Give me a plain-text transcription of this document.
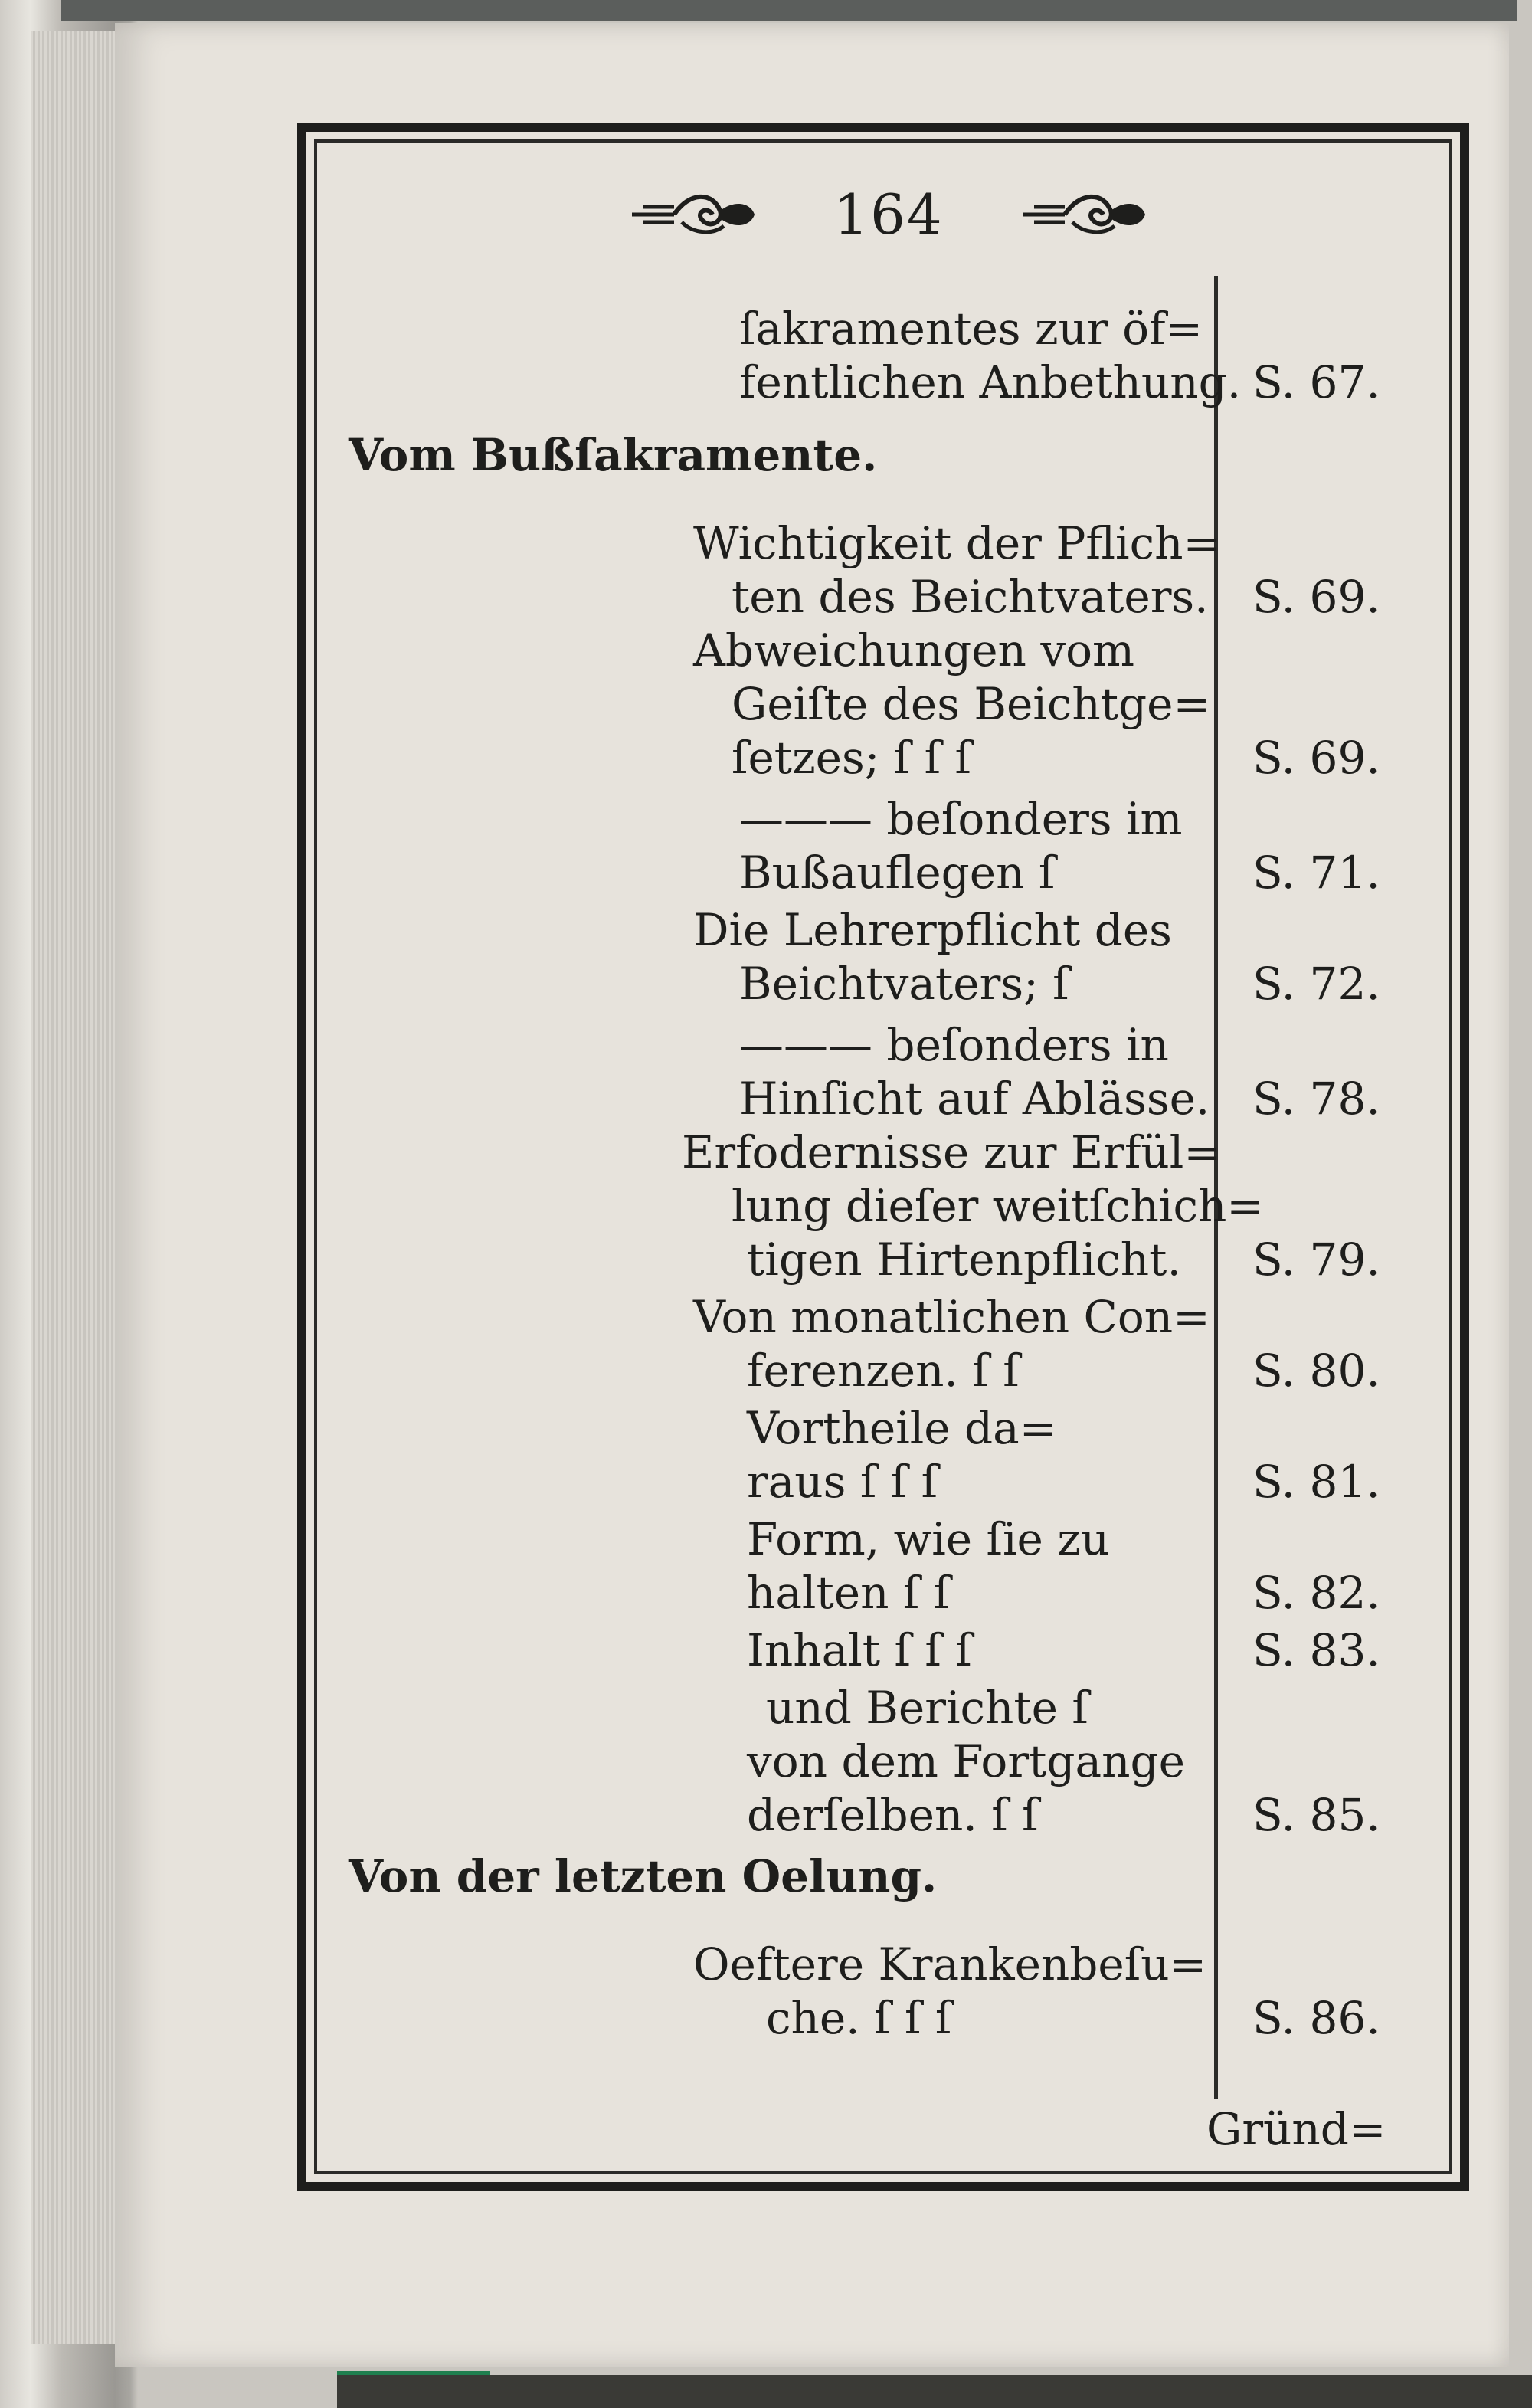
164
ſakramentes zur öf=
fentlichen Anbethung. S. 67.
Vom Bußſakramente.
Wichtigkeit der Pflich=
ten des Beichtvaters. S. 69.
Abweichungen vom
Geiſte des Beichtge=
ſetzes; ſ ſ ſ	S. 69.
——— beſonders im
Bußauflegen ſ	S. 71.
Die Lehrerpflicht des
Beichtvaters; ſ	S. 72.
——— beſonders in
Hinſicht auf Ablässe. S. 78.
Erfodernisse zur Erfül=
lung dieſer weitſchich=
tigen Hirtenpflicht. S. 79.
Von monatlichen Con=
ferenzen. ſ ſ	S. 80.
Vortheile da=
raus ſ ſ ſ	S. 81.
Form, wie ſie zu
halten ſ ſ	S. 82.
Inhalt ſ ſ ſ	S. 83.
und Berichte ſ
von dem Fortgange
derſelben. ſ ſ	S. 85.
Von der letzten Oelung.
Oeftere Krankenbeſu=
che. ſ ſ ſ	S. 86.
Gründ=
